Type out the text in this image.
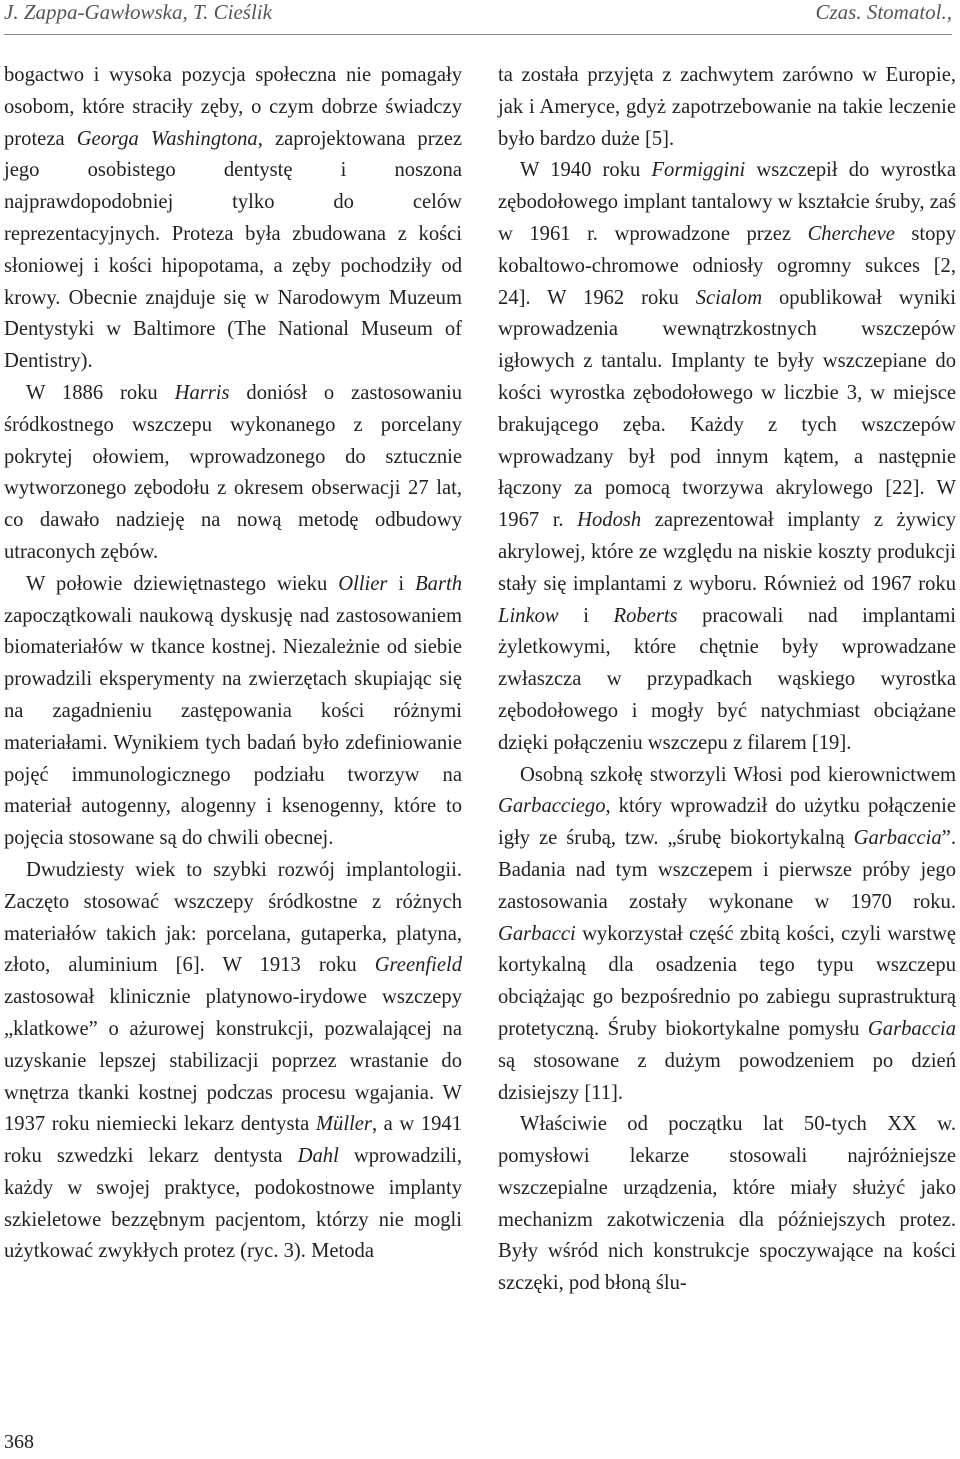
J. Zappa-Gawłowska, T. Cieślik	Czas. Stomatol.,

bogactwo i wysoka pozycja społeczna nie pomagały osobom, które straciły zęby, o czym dobrze świadczy proteza Georga Washingtona, zaprojektowana przez jego osobistego dentystę i noszona najprawdopodobniej tylko do celów reprezentacyjnych. Proteza była zbudowana z kości słoniowej i kości hipopotama, a zęby pochodziły od krowy. Obecnie znajduje się w Narodowym Muzeum Dentystyki w Baltimore (The National Museum of Dentistry).

W 1886 roku Harris doniósł o zastosowaniu śródkostnego wszczepu wykonanego z porcelany pokrytej ołowiem, wprowadzonego do sztucznie wytworzonego zębodołu z okresem obserwacji 27 lat, co dawało nadzieję na nową metodę odbudowy utraconych zębów.

W połowie dziewiętnastego wieku Ollier i Barth zapoczątkowali naukową dyskusję nad zastosowaniem biomateriałów w tkance kostnej. Niezależnie od siebie prowadzili eksperymenty na zwierzętach skupiając się na zagadnieniu zastępowania kości różnymi materiałami. Wynikiem tych badań było zdefiniowanie pojęć immunologicznego podziału tworzyw na materiał autogenny, alogenny i ksenogenny, które to pojęcia stosowane są do chwili obecnej.

Dwudziesty wiek to szybki rozwój implantologii. Zaczęto stosować wszczepy śródkostne z różnych materiałów takich jak: porcelana, gutaperka, platyna, złoto, aluminium [6]. W 1913 roku Greenfield zastosował klinicznie platynowo-irydowe wszczepy „klatkowe” o ażurowej konstrukcji, pozwalającej na uzyskanie lepszej stabilizacji poprzez wrastanie do wnętrza tkanki kostnej podczas procesu wgajania. W 1937 roku niemiecki lekarz dentysta Müller, a w 1941 roku szwedzki lekarz dentysta Dahl wprowadzili, każdy w swojej praktyce, podokostnowe implanty szkieletowe bezzębnym pacjentom, którzy nie mogli użytkować zwykłych protez (ryc. 3). Metoda

ta została przyjęta z zachwytem zarówno w Europie, jak i Ameryce, gdyż zapotrzebowanie na takie leczenie było bardzo duże [5].

W 1940 roku Formiggini wszczepił do wyrostka zębodołowego implant tantalowy w kształcie śruby, zaś w 1961 r. wprowadzone przez Chercheve stopy kobaltowo-chromowe odniosły ogromny sukces [2, 24]. W 1962 roku Scialom opublikował wyniki wprowadzenia wewnątrzkostnych wszczepów igłowych z tantalu. Implanty te były wszczepiane do kości wyrostka zębodołowego w liczbie 3, w miejsce brakującego zęba. Każdy z tych wszczepów wprowadzany był pod innym kątem, a następnie łączony za pomocą tworzywa akrylowego [22]. W 1967 r. Hodosh zaprezentował implanty z żywicy akrylowej, które ze względu na niskie koszty produkcji stały się implantami z wyboru. Również od 1967 roku Linkow i Roberts pracowali nad implantami żyletkowymi, które chętnie były wprowadzane zwłaszcza w przypadkach wąskiego wyrostka zębodołowego i mogły być natychmiast obciążane dzięki połączeniu wszczepu z filarem [19].

Osobną szkołę stworzyli Włosi pod kierownictwem Garbacciego, który wprowadził do użytku połączenie igły ze śrubą, tzw. „śrubę biokortykalną Garbaccia”. Badania nad tym wszczepem i pierwsze próby jego zastosowania zostały wykonane w 1970 roku. Garbacci wykorzystał część zbitą kości, czyli warstwę kortykalną dla osadzenia tego typu wszczepu obciążając go bezpośrednio po zabiegu suprastrukturą protetyczną. Śruby biokortykalne pomysłu Garbaccia są stosowane z dużym powodzeniem po dzień dzisiejszy [11].

Właściwie od początku lat 50-tych XX w. pomysłowi lekarze stosowali najróżniejsze wszczepialne urządzenia, które miały służyć jako mechanizm zakotwiczenia dla późniejszych protez. Były wśród nich konstrukcje spoczywające na kości szczęki, pod błoną ślu-

368
